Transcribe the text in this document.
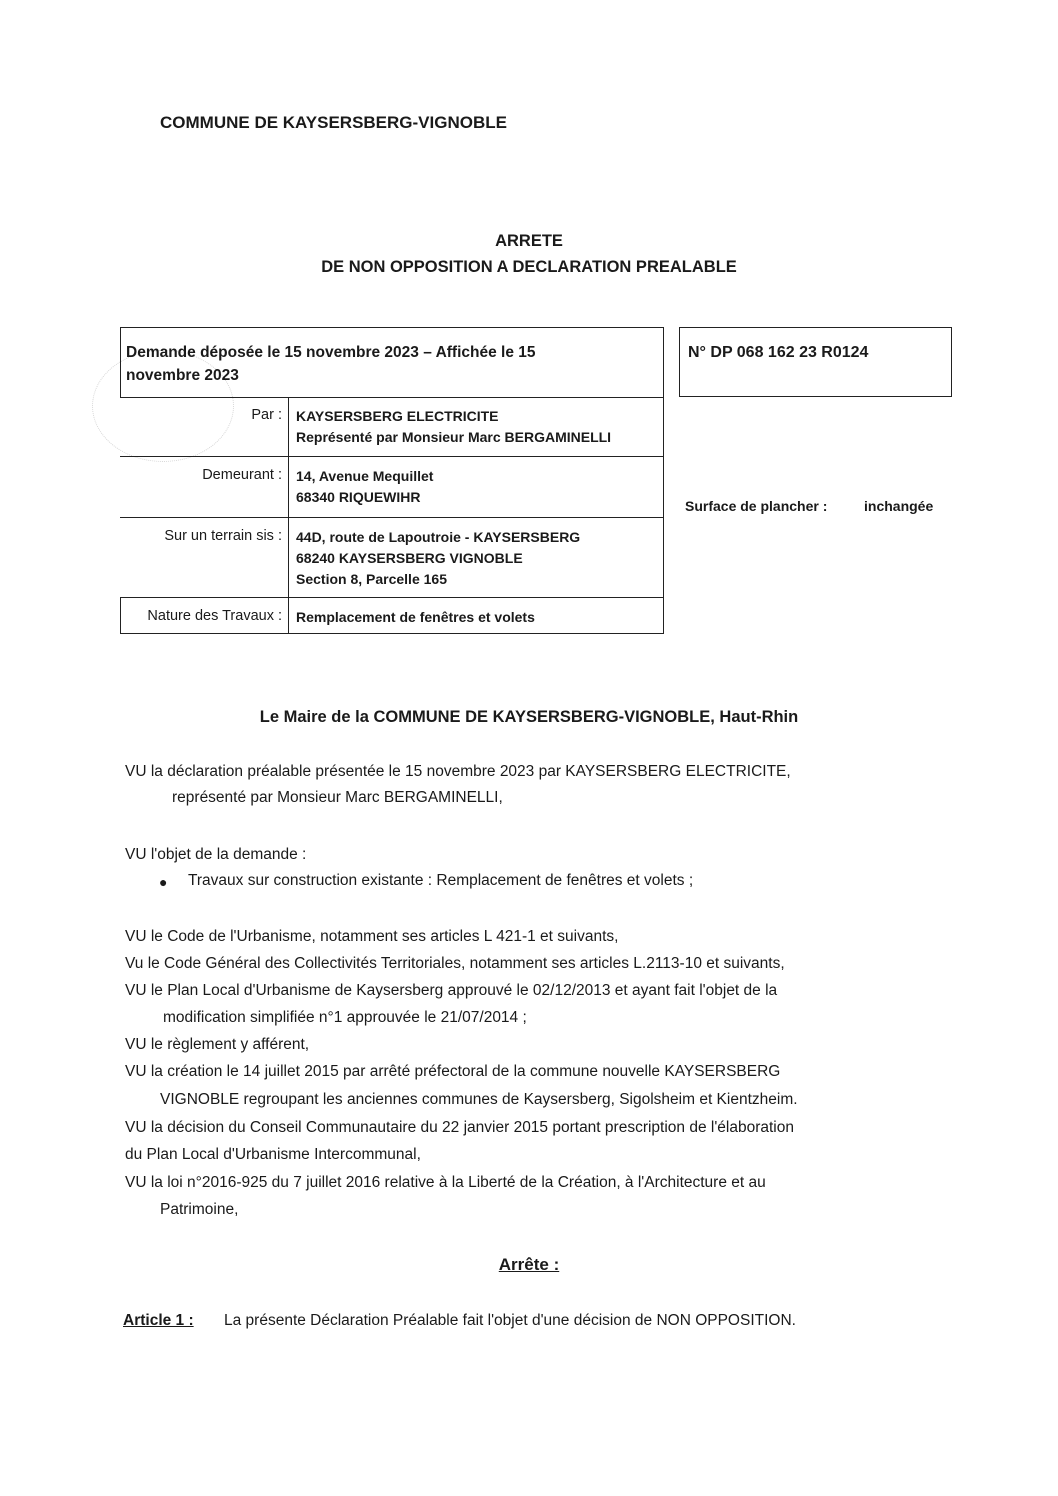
COMMUNE DE KAYSERSBERG-VIGNOBLE
ARRETE
DE NON OPPOSITION A DECLARATION PREALABLE
Demande déposée le 15 novembre 2023 – Affichée le 15
novembre 2023
Par : KAYSERSBERG ELECTRICITE
Représenté par Monsieur Marc BERGAMINELLI
Demeurant : 14, Avenue Mequillet
68340 RIQUEWIHR
Sur un terrain sis : 44D, route de Lapoutroie - KAYSERSBERG
68240 KAYSERSBERG VIGNOBLE
Section 8, Parcelle 165
Nature des Travaux : Remplacement de fenêtres et volets
N° DP 068 162 23 R0124
Surface de plancher :	inchangée
Le Maire de la COMMUNE DE KAYSERSBERG-VIGNOBLE, Haut-Rhin
VU la déclaration préalable présentée le 15 novembre 2023 par KAYSERSBERG ELECTRICITE,
représenté par Monsieur Marc BERGAMINELLI,
VU l'objet de la demande :
● Travaux sur construction existante : Remplacement de fenêtres et volets ;
VU le Code de l'Urbanisme, notamment ses articles L 421-1 et suivants,
Vu le Code Général des Collectivités Territoriales, notamment ses articles L.2113-10 et suivants,
VU le Plan Local d'Urbanisme de Kaysersberg approuvé le 02/12/2013 et ayant fait l'objet de la
modification simplifiée n°1 approuvée le 21/07/2014 ;
VU le règlement y afférent,
VU la création le 14 juillet 2015 par arrêté préfectoral de la commune nouvelle KAYSERSBERG
VIGNOBLE regroupant les anciennes communes de Kaysersberg, Sigolsheim et Kientzheim.
VU la décision du Conseil Communautaire du 22 janvier 2015 portant prescription de l'élaboration
du Plan Local d'Urbanisme Intercommunal,
VU la loi n°2016-925 du 7 juillet 2016 relative à la Liberté de la Création, à l'Architecture et au
Patrimoine,
Arrête :
Article 1 : La présente Déclaration Préalable fait l'objet d'une décision de NON OPPOSITION.
